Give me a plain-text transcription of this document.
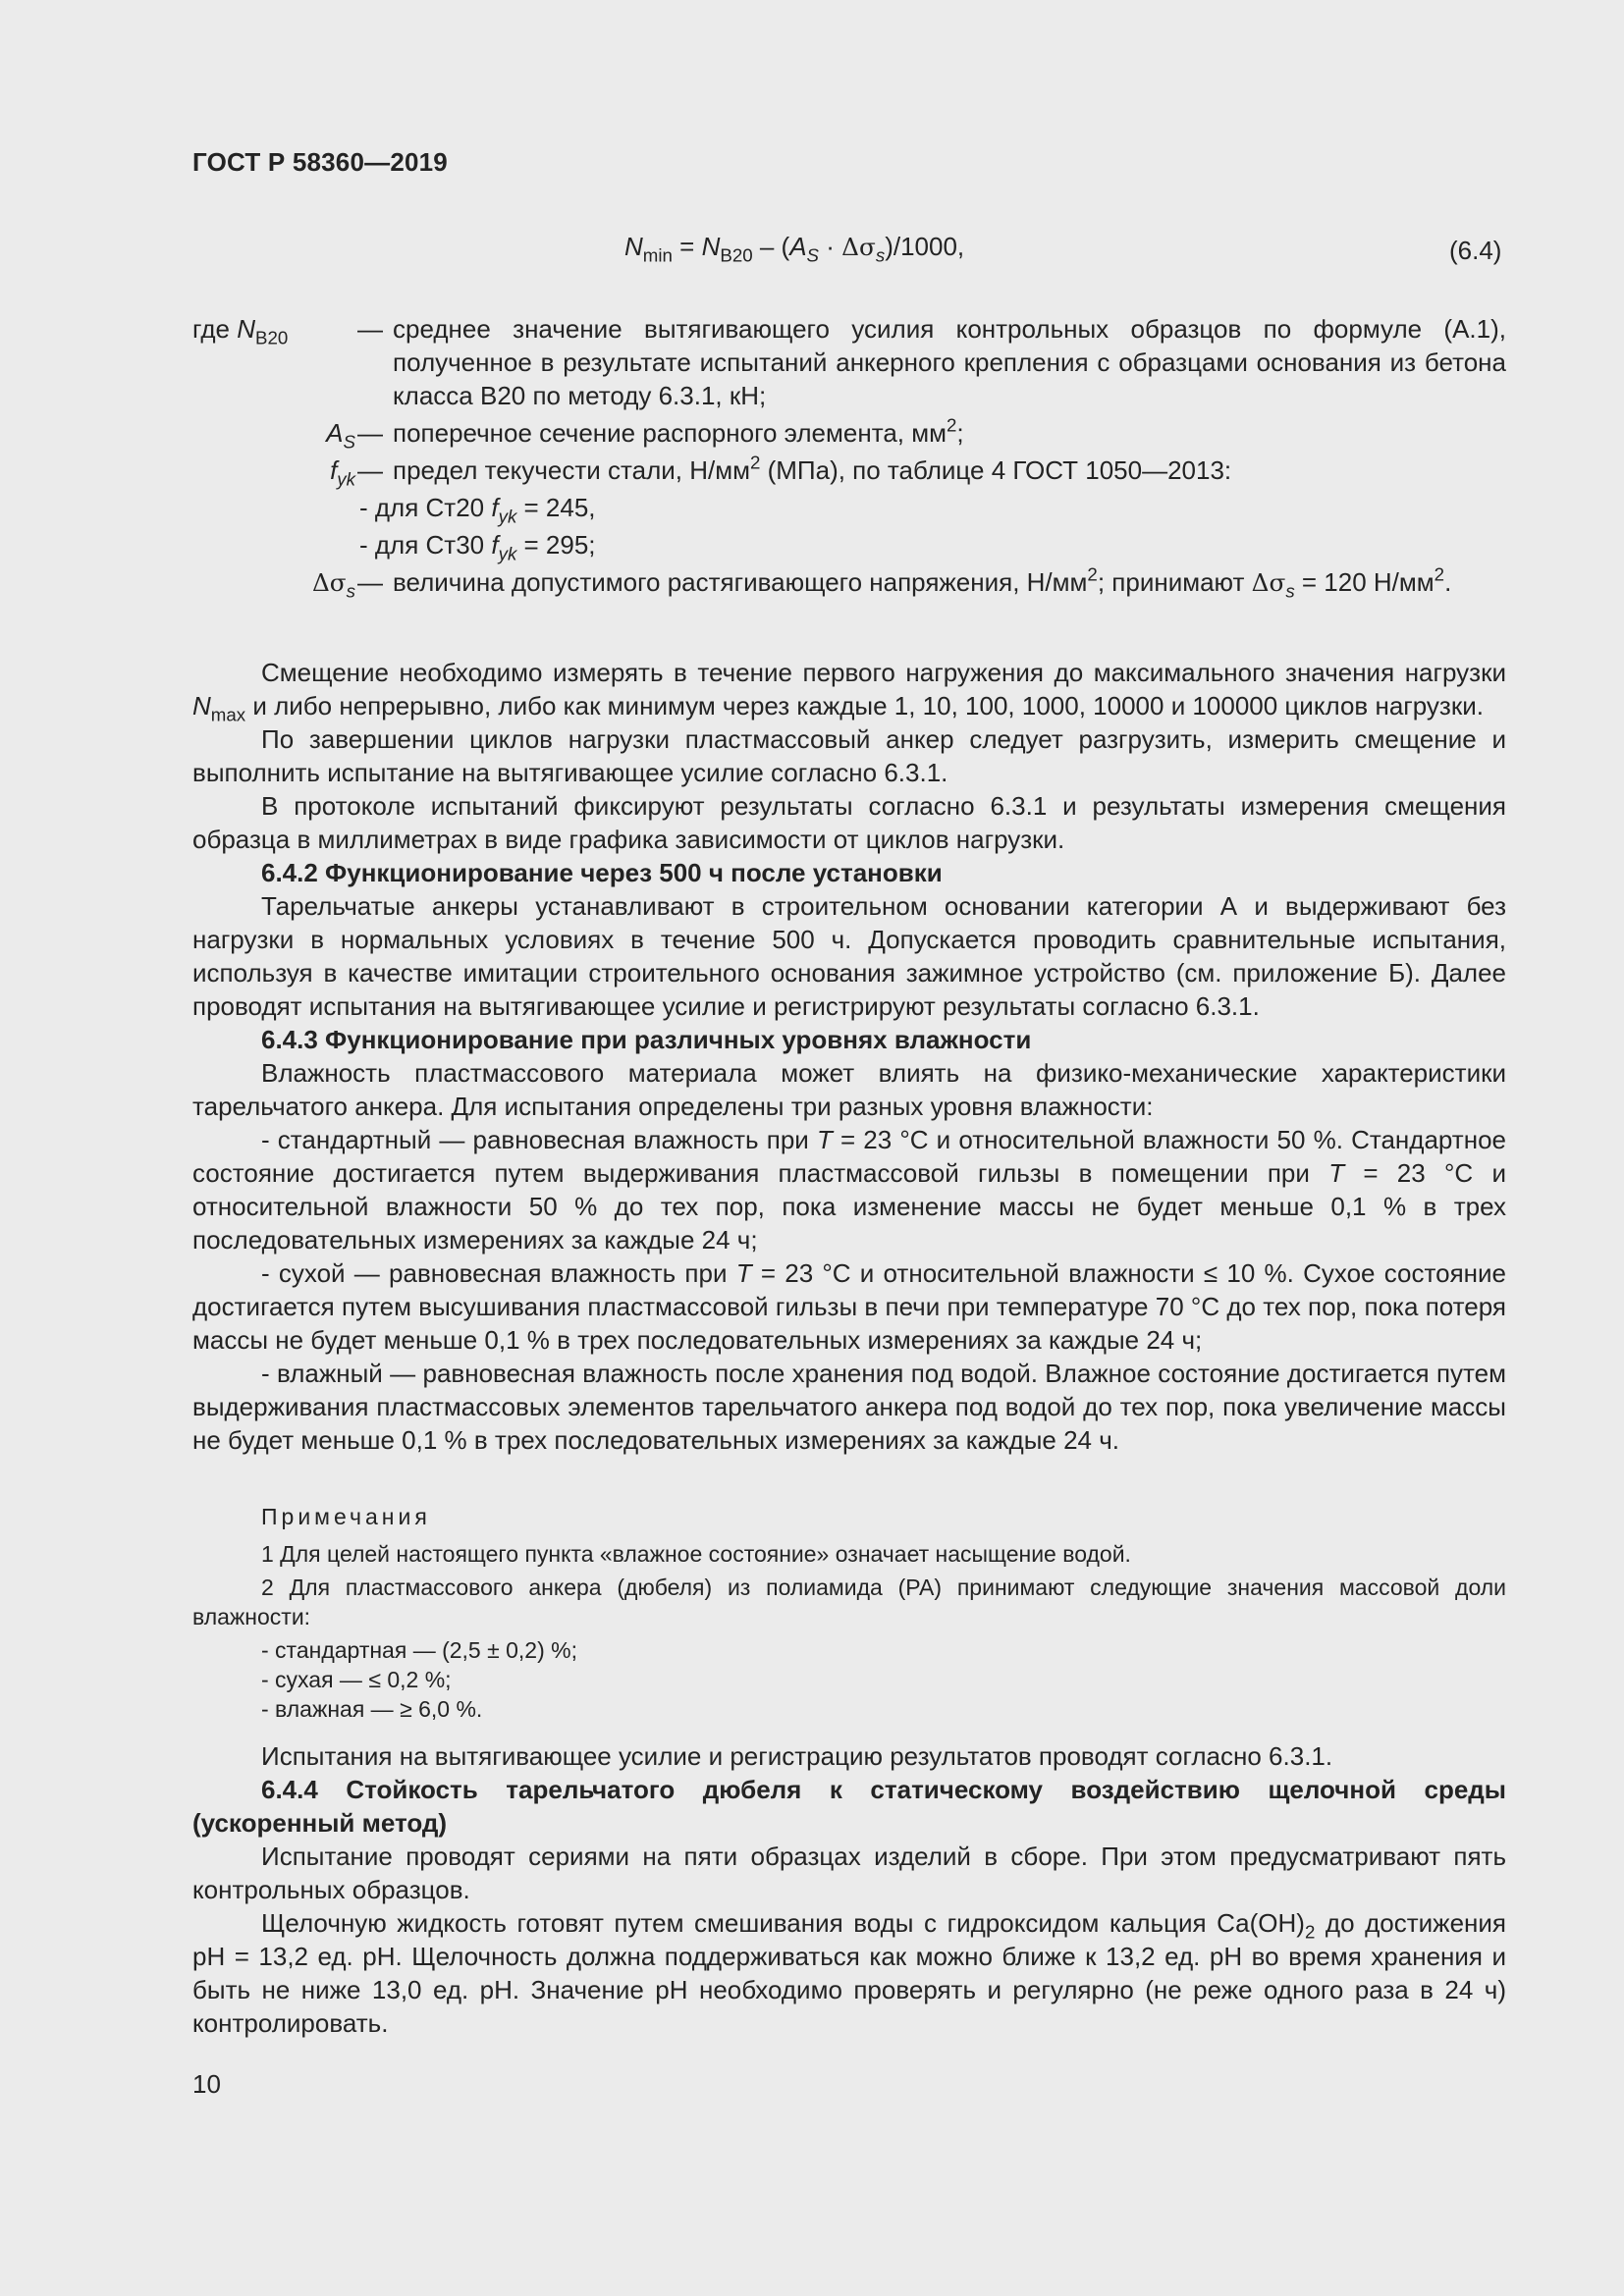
ГОСТ Р 58360—2019
$N_{min} = N_{B20} - (A_S \cdot \Delta\sigma_s)/1000$,	(6.4)
где $N_{B20}$	— среднее значение вытягивающего усилия контрольных образцов по формуле (А.1), полученное в результате испытаний анкерного крепления с образцами основания из бетона класса В20 по методу 6.3.1, кН;
$A_S$ — поперечное сечение распорного элемента, $мм^2$;
$f_{yk}$ — предел текучести стали, $Н/мм^2$ (МПа), по таблице 4 ГОСТ 1050—2013:
- для Ст20 $f_{yk} = 245$,
- для Ст30 $f_{yk} = 295$;
$\Delta\sigma_s$ — величина допустимого растягивающего напряжения, $Н/мм^2$; принимают $\Delta\sigma_s = 120$ $Н/мм^2$.

Смещение необходимо измерять в течение первого нагружения до максимального значения нагрузки $N_{max}$ и либо непрерывно, либо как минимум через каждые 1, 10, 100, 1000, 10000 и 100000 циклов нагрузки.

По завершении циклов нагрузки пластмассовый анкер следует разгрузить, измерить смещение и выполнить испытание на вытягивающее усилие согласно 6.3.1.

В протоколе испытаний фиксируют результаты согласно 6.3.1 и результаты измерения смещения образца в миллиметрах в виде графика зависимости от циклов нагрузки.

6.4.2 Функционирование через 500 ч после установки

Тарельчатые анкеры устанавливают в строительном основании категории А и выдерживают без нагрузки в нормальных условиях в течение 500 ч. Допускается проводить сравнительные испытания, используя в качестве имитации строительного основания зажимное устройство (см. приложение Б). Далее проводят испытания на вытягивающее усилие и регистрируют результаты согласно 6.3.1.

6.4.3 Функционирование при различных уровнях влажности

Влажность пластмассового материала может влиять на физико-механические характеристики тарельчатого анкера. Для испытания определены три разных уровня влажности:

- стандартный — равновесная влажность при T = 23 °С и относительной влажности 50 %. Стандартное состояние достигается путем выдерживания пластмассовой гильзы в помещении при T = 23 °С и относительной влажности 50 % до тех пор, пока изменение массы не будет меньше 0,1 % в трех последовательных измерениях за каждые 24 ч;

- сухой — равновесная влажность при T = 23 °С и относительной влажности ≤ 10 %. Сухое состояние достигается путем высушивания пластмассовой гильзы в печи при температуре 70 °С до тех пор, пока потеря массы не будет меньше 0,1 % в трех последовательных измерениях за каждые 24 ч;

- влажный — равновесная влажность после хранения под водой. Влажное состояние достигается путем выдерживания пластмассовых элементов тарельчатого анкера под водой до тех пор, пока увеличение массы не будет меньше 0,1 % в трех последовательных измерениях за каждые 24 ч.

Примечания

1 Для целей настоящего пункта «влажное состояние» означает насыщение водой.

2 Для пластмассового анкера (дюбеля) из полиамида (РА) принимают следующие значения массовой доли влажности:

- стандартная — (2,5 ± 0,2) %;

- сухая — ≤ 0,2 %;

- влажная — ≥ 6,0 %.

Испытания на вытягивающее усилие и регистрацию результатов проводят согласно 6.3.1.

6.4.4 Стойкость тарельчатого дюбеля к статическому воздействию щелочной среды (ускоренный метод)

Испытание проводят сериями на пяти образцах изделий в сборе. При этом предусматривают пять контрольных образцов.

Щелочную жидкость готовят путем смешивания воды с гидроксидом кальция $Са(ОН)_2$ до достижения pH = 13,2 ед. pH. Щелочность должна поддерживаться как можно ближе к 13,2 ед. pH во время хранения и быть не ниже 13,0 ед. pH. Значение pH необходимо проверять и регулярно (не реже одного раза в 24 ч) контролировать.

10
